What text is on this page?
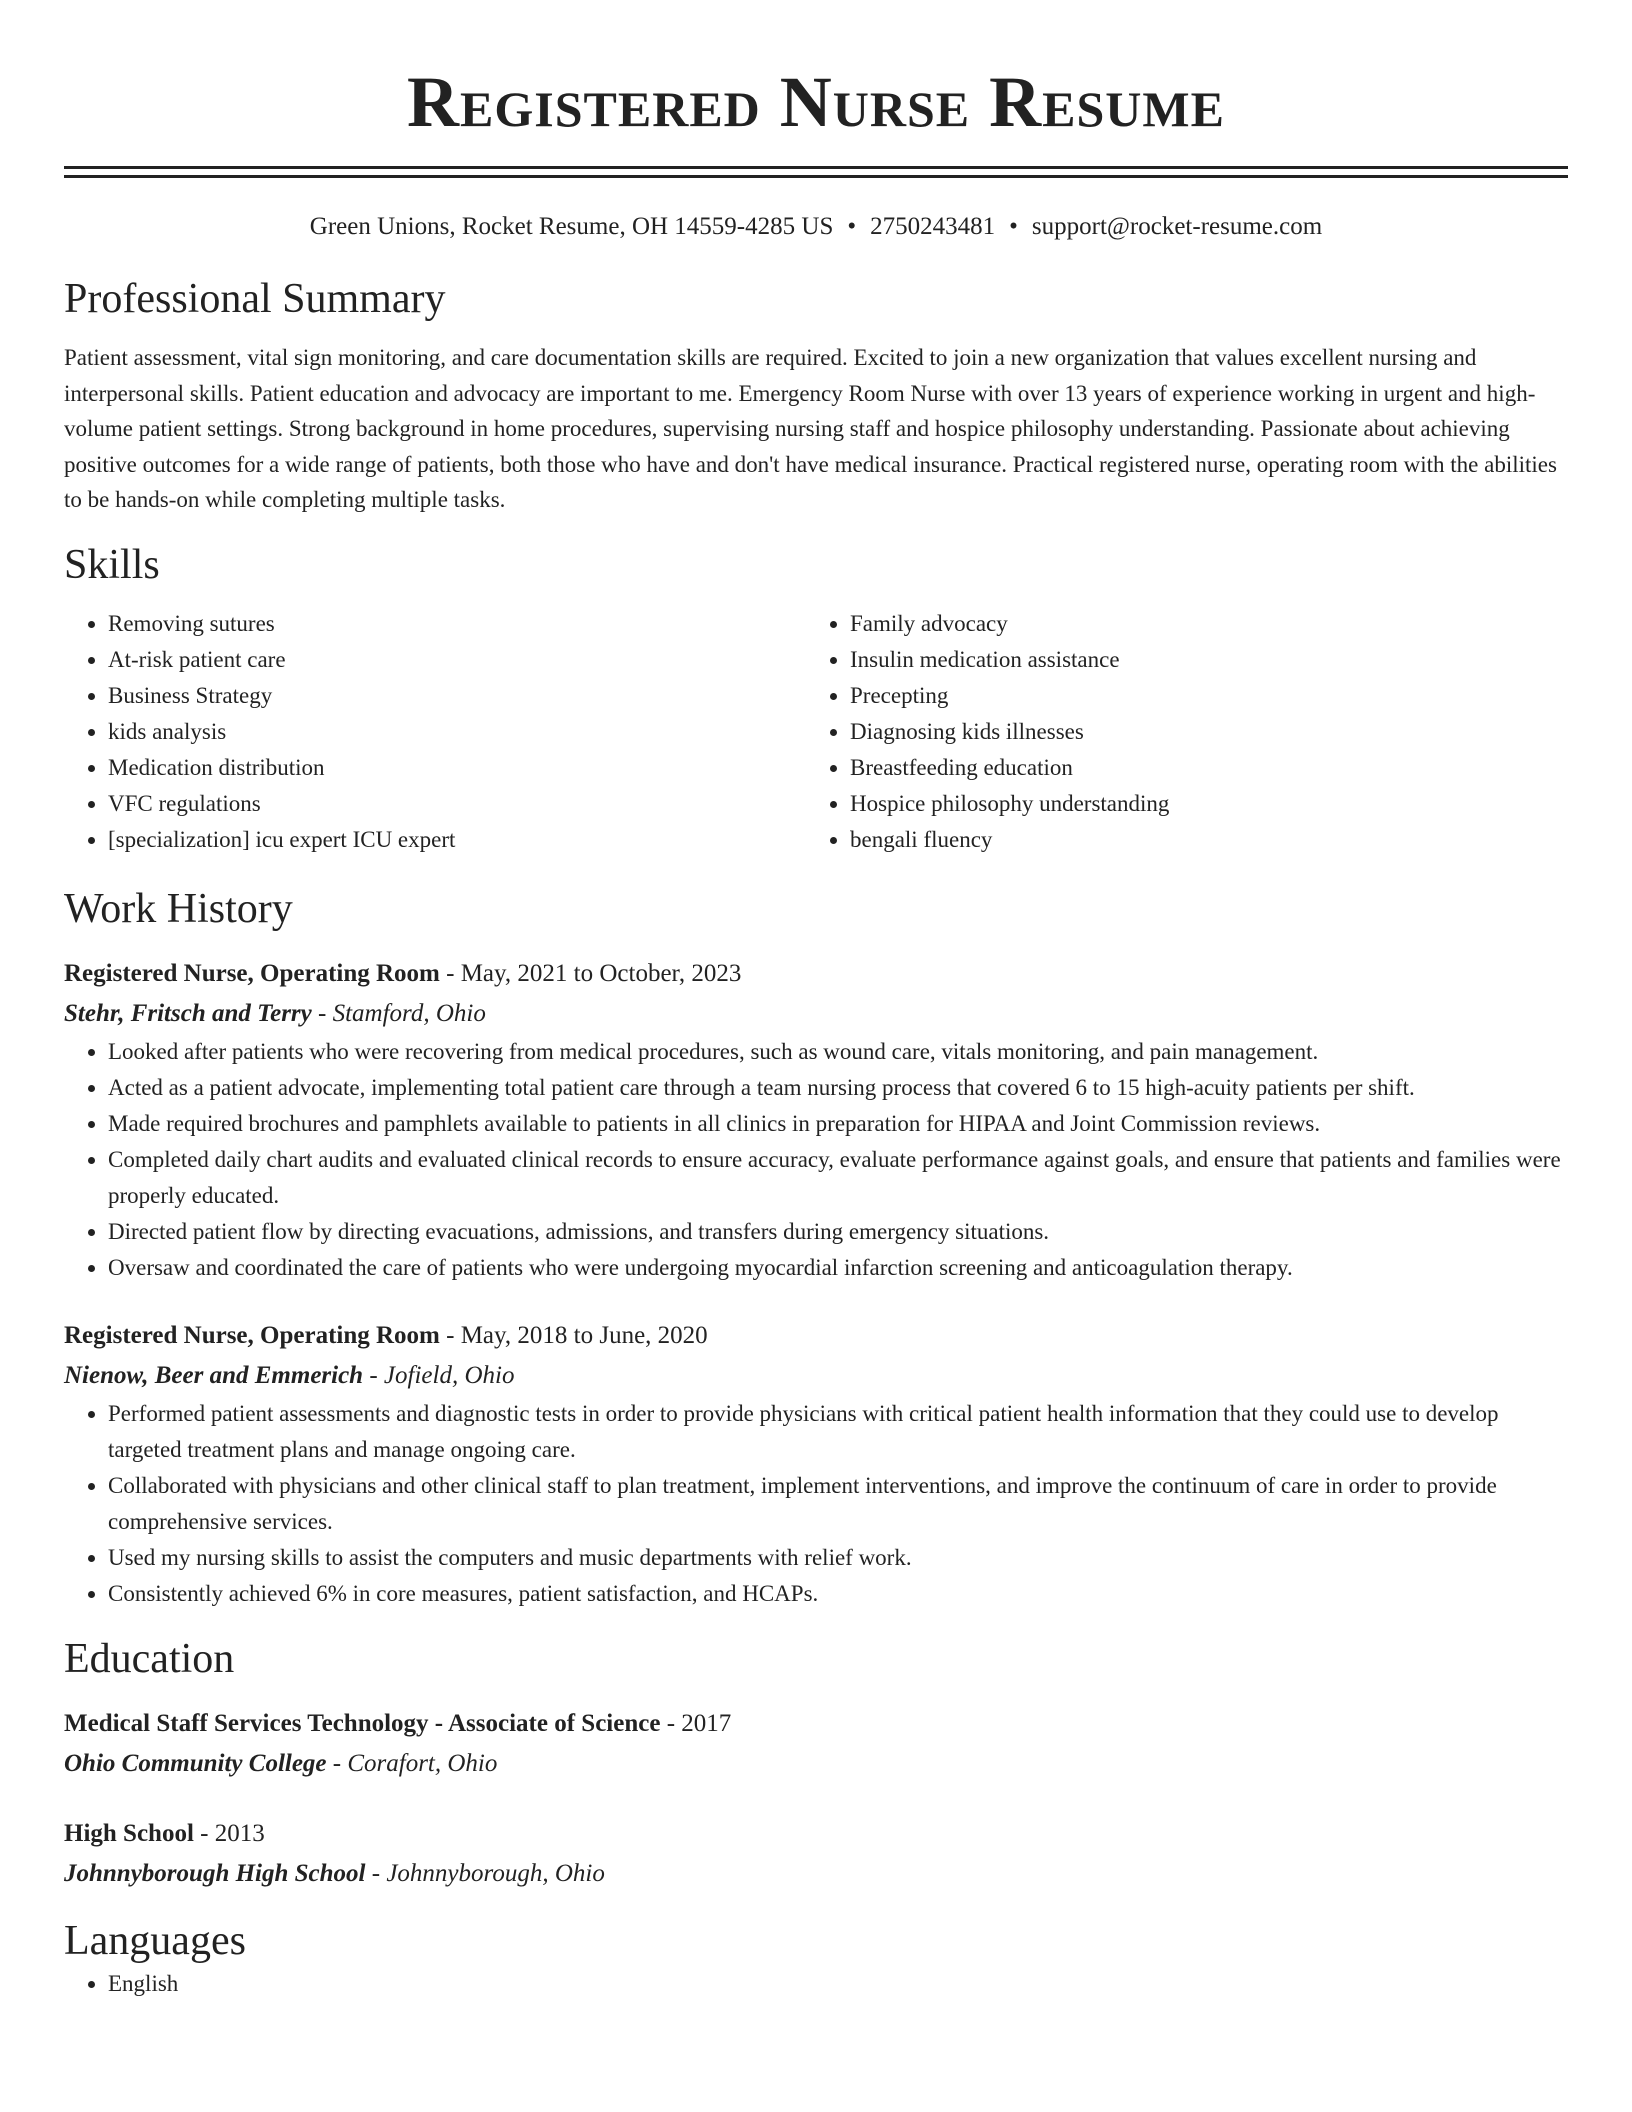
Registered Nurse Resume
Green Unions, Rocket Resume, OH 14559-4285 US • 2750243481 • support@rocket-resume.com
Professional Summary

Patient assessment, vital sign monitoring, and care documentation skills are required. Excited to join a new organization that values excellent nursing and interpersonal skills. Patient education and advocacy are important to me. Emergency Room Nurse with over 13 years of experience working in urgent and high-volume patient settings. Strong background in home procedures, supervising nursing staff and hospice philosophy understanding. Passionate about achieving positive outcomes for a wide range of patients, both those who have and don't have medical insurance. Practical registered nurse, operating room with the abilities to be hands-on while completing multiple tasks.

Skills
• Removing sutures
• At-risk patient care
• Business Strategy
• kids analysis
• Medication distribution
• VFC regulations
• [specialization] icu expert ICU expert
• Family advocacy
• Insulin medication assistance
• Precepting
• Diagnosing kids illnesses
• Breastfeeding education
• Hospice philosophy understanding
• bengali fluency
Work History
Registered Nurse, Operating Room - May, 2021 to October, 2023
Stehr, Fritsch and Terry - Stamford, Ohio
• Looked after patients who were recovering from medical procedures, such as wound care, vitals monitoring, and pain management.
• Acted as a patient advocate, implementing total patient care through a team nursing process that covered 6 to 15 high-acuity patients per shift.
• Made required brochures and pamphlets available to patients in all clinics in preparation for HIPAA and Joint Commission reviews.
• Completed daily chart audits and evaluated clinical records to ensure accuracy, evaluate performance against goals, and ensure that patients and families were properly educated.
• Directed patient flow by directing evacuations, admissions, and transfers during emergency situations.
• Oversaw and coordinated the care of patients who were undergoing myocardial infarction screening and anticoagulation therapy.
Registered Nurse, Operating Room - May, 2018 to June, 2020
Nienow, Beer and Emmerich - Jofield, Ohio
• Performed patient assessments and diagnostic tests in order to provide physicians with critical patient health information that they could use to develop targeted treatment plans and manage ongoing care.
• Collaborated with physicians and other clinical staff to plan treatment, implement interventions, and improve the continuum of care in order to provide comprehensive services.
• Used my nursing skills to assist the computers and music departments with relief work.
• Consistently achieved 6% in core measures, patient satisfaction, and HCAPs.
Education
Medical Staff Services Technology - Associate of Science - 2017
Ohio Community College - Corafort, Ohio
High School - 2013
Johnnyborough High School - Johnnyborough, Ohio
Languages
• English
